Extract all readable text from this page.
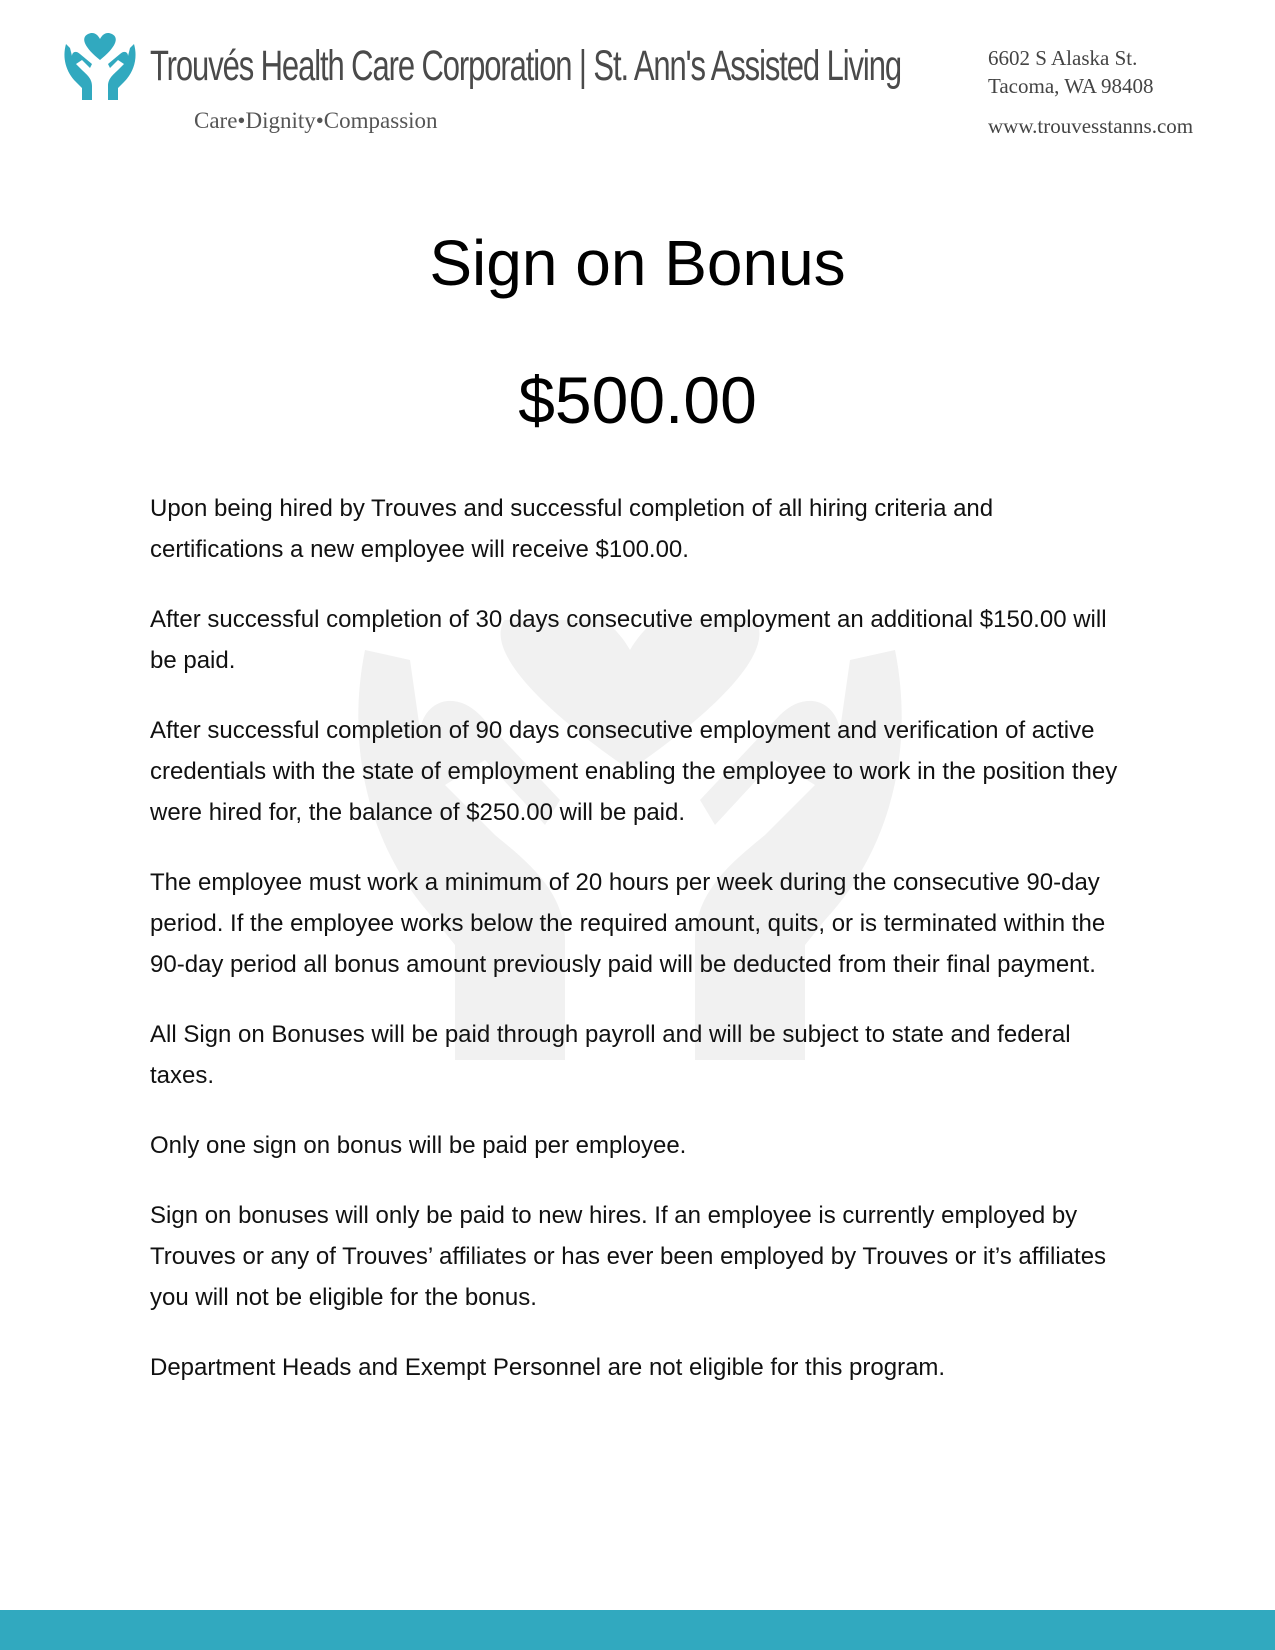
Trouvés Health Care Corporation | St. Ann's Assisted Living
Care•Dignity•Compassion
6602 S Alaska St.
Tacoma, WA 98408
www.trouvesstanns.com
Sign on Bonus
$500.00

Upon being hired by Trouves and successful completion of all hiring criteria and certifications a new employee will receive $100.00.

After successful completion of 30 days consecutive employment an additional $150.00 will be paid.

After successful completion of 90 days consecutive employment and verification of active credentials with the state of employment enabling the employee to work in the position they were hired for, the balance of $250.00 will be paid.

The employee must work a minimum of 20 hours per week during the consecutive 90-day period. If the employee works below the required amount, quits, or is terminated within the 90-day period all bonus amount previously paid will be deducted from their final payment.

All Sign on Bonuses will be paid through payroll and will be subject to state and federal taxes.

Only one sign on bonus will be paid per employee.

Sign on bonuses will only be paid to new hires. If an employee is currently employed by Trouves or any of Trouves’ affiliates or has ever been employed by Trouves or it’s affiliates you will not be eligible for the bonus.

Department Heads and Exempt Personnel are not eligible for this program.
